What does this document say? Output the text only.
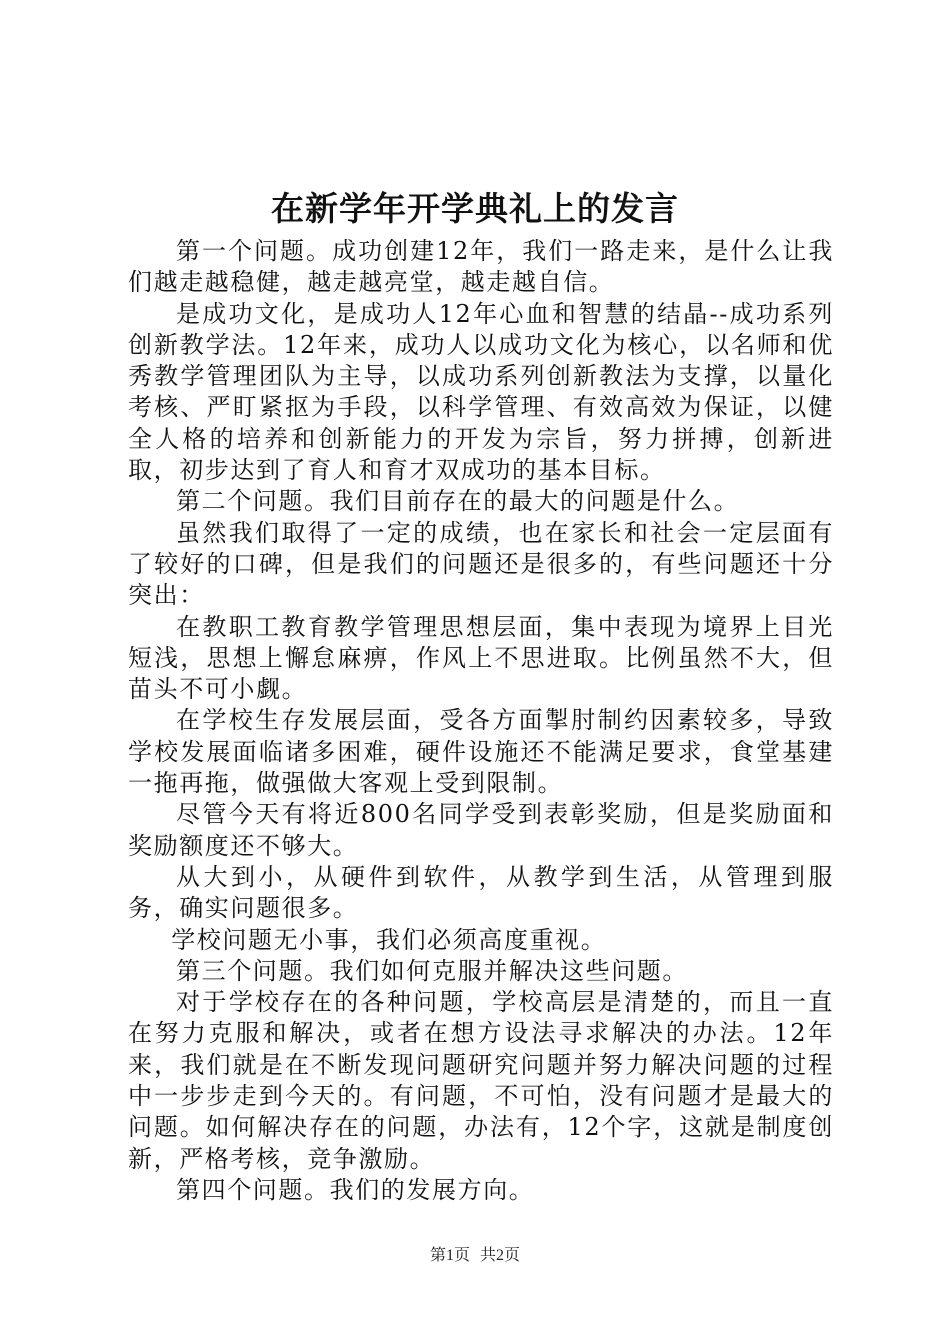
在新学年开学典礼上的发言

第一个问题。成功创建12年，我们一路走来，是什么让我们越走越稳健，越走越亮堂，越走越自信。

是成功文化，是成功人12年心血和智慧的结晶--成功系列创新教学法。12年来，成功人以成功文化为核心，以名师和优秀教学管理团队为主导，以成功系列创新教法为支撑，以量化考核、严盯紧抠为手段，以科学管理、有效高效为保证，以健全人格的培养和创新能力的开发为宗旨，努力拼搏，创新进取，初步达到了育人和育才双成功的基本目标。

第二个问题。我们目前存在的最大的问题是什么。

虽然我们取得了一定的成绩，也在家长和社会一定层面有了较好的口碑，但是我们的问题还是很多的，有些问题还十分突出：

在教职工教育教学管理思想层面，集中表现为境界上目光短浅，思想上懈怠麻痹，作风上不思进取。比例虽然不大，但苗头不可小觑。

在学校生存发展层面，受各方面掣肘制约因素较多，导致学校发展面临诸多困难，硬件设施还不能满足要求，食堂基建一拖再拖，做强做大客观上受到限制。

尽管今天有将近800名同学受到表彰奖励，但是奖励面和奖励额度还不够大。

从大到小，从硬件到软件，从教学到生活，从管理到服务，确实问题很多。

学校问题无小事，我们必须高度重视。

第三个问题。我们如何克服并解决这些问题。

对于学校存在的各种问题，学校高层是清楚的，而且一直在努力克服和解决，或者在想方设法寻求解决的办法。12年来，我们就是在不断发现问题研究问题并努力解决问题的过程中一步步走到今天的。有问题，不可怕，没有问题才是最大的问题。如何解决存在的问题，办法有，12个字，这就是制度创新，严格考核，竞争激励。

第四个问题。我们的发展方向。

第1页 共2页
